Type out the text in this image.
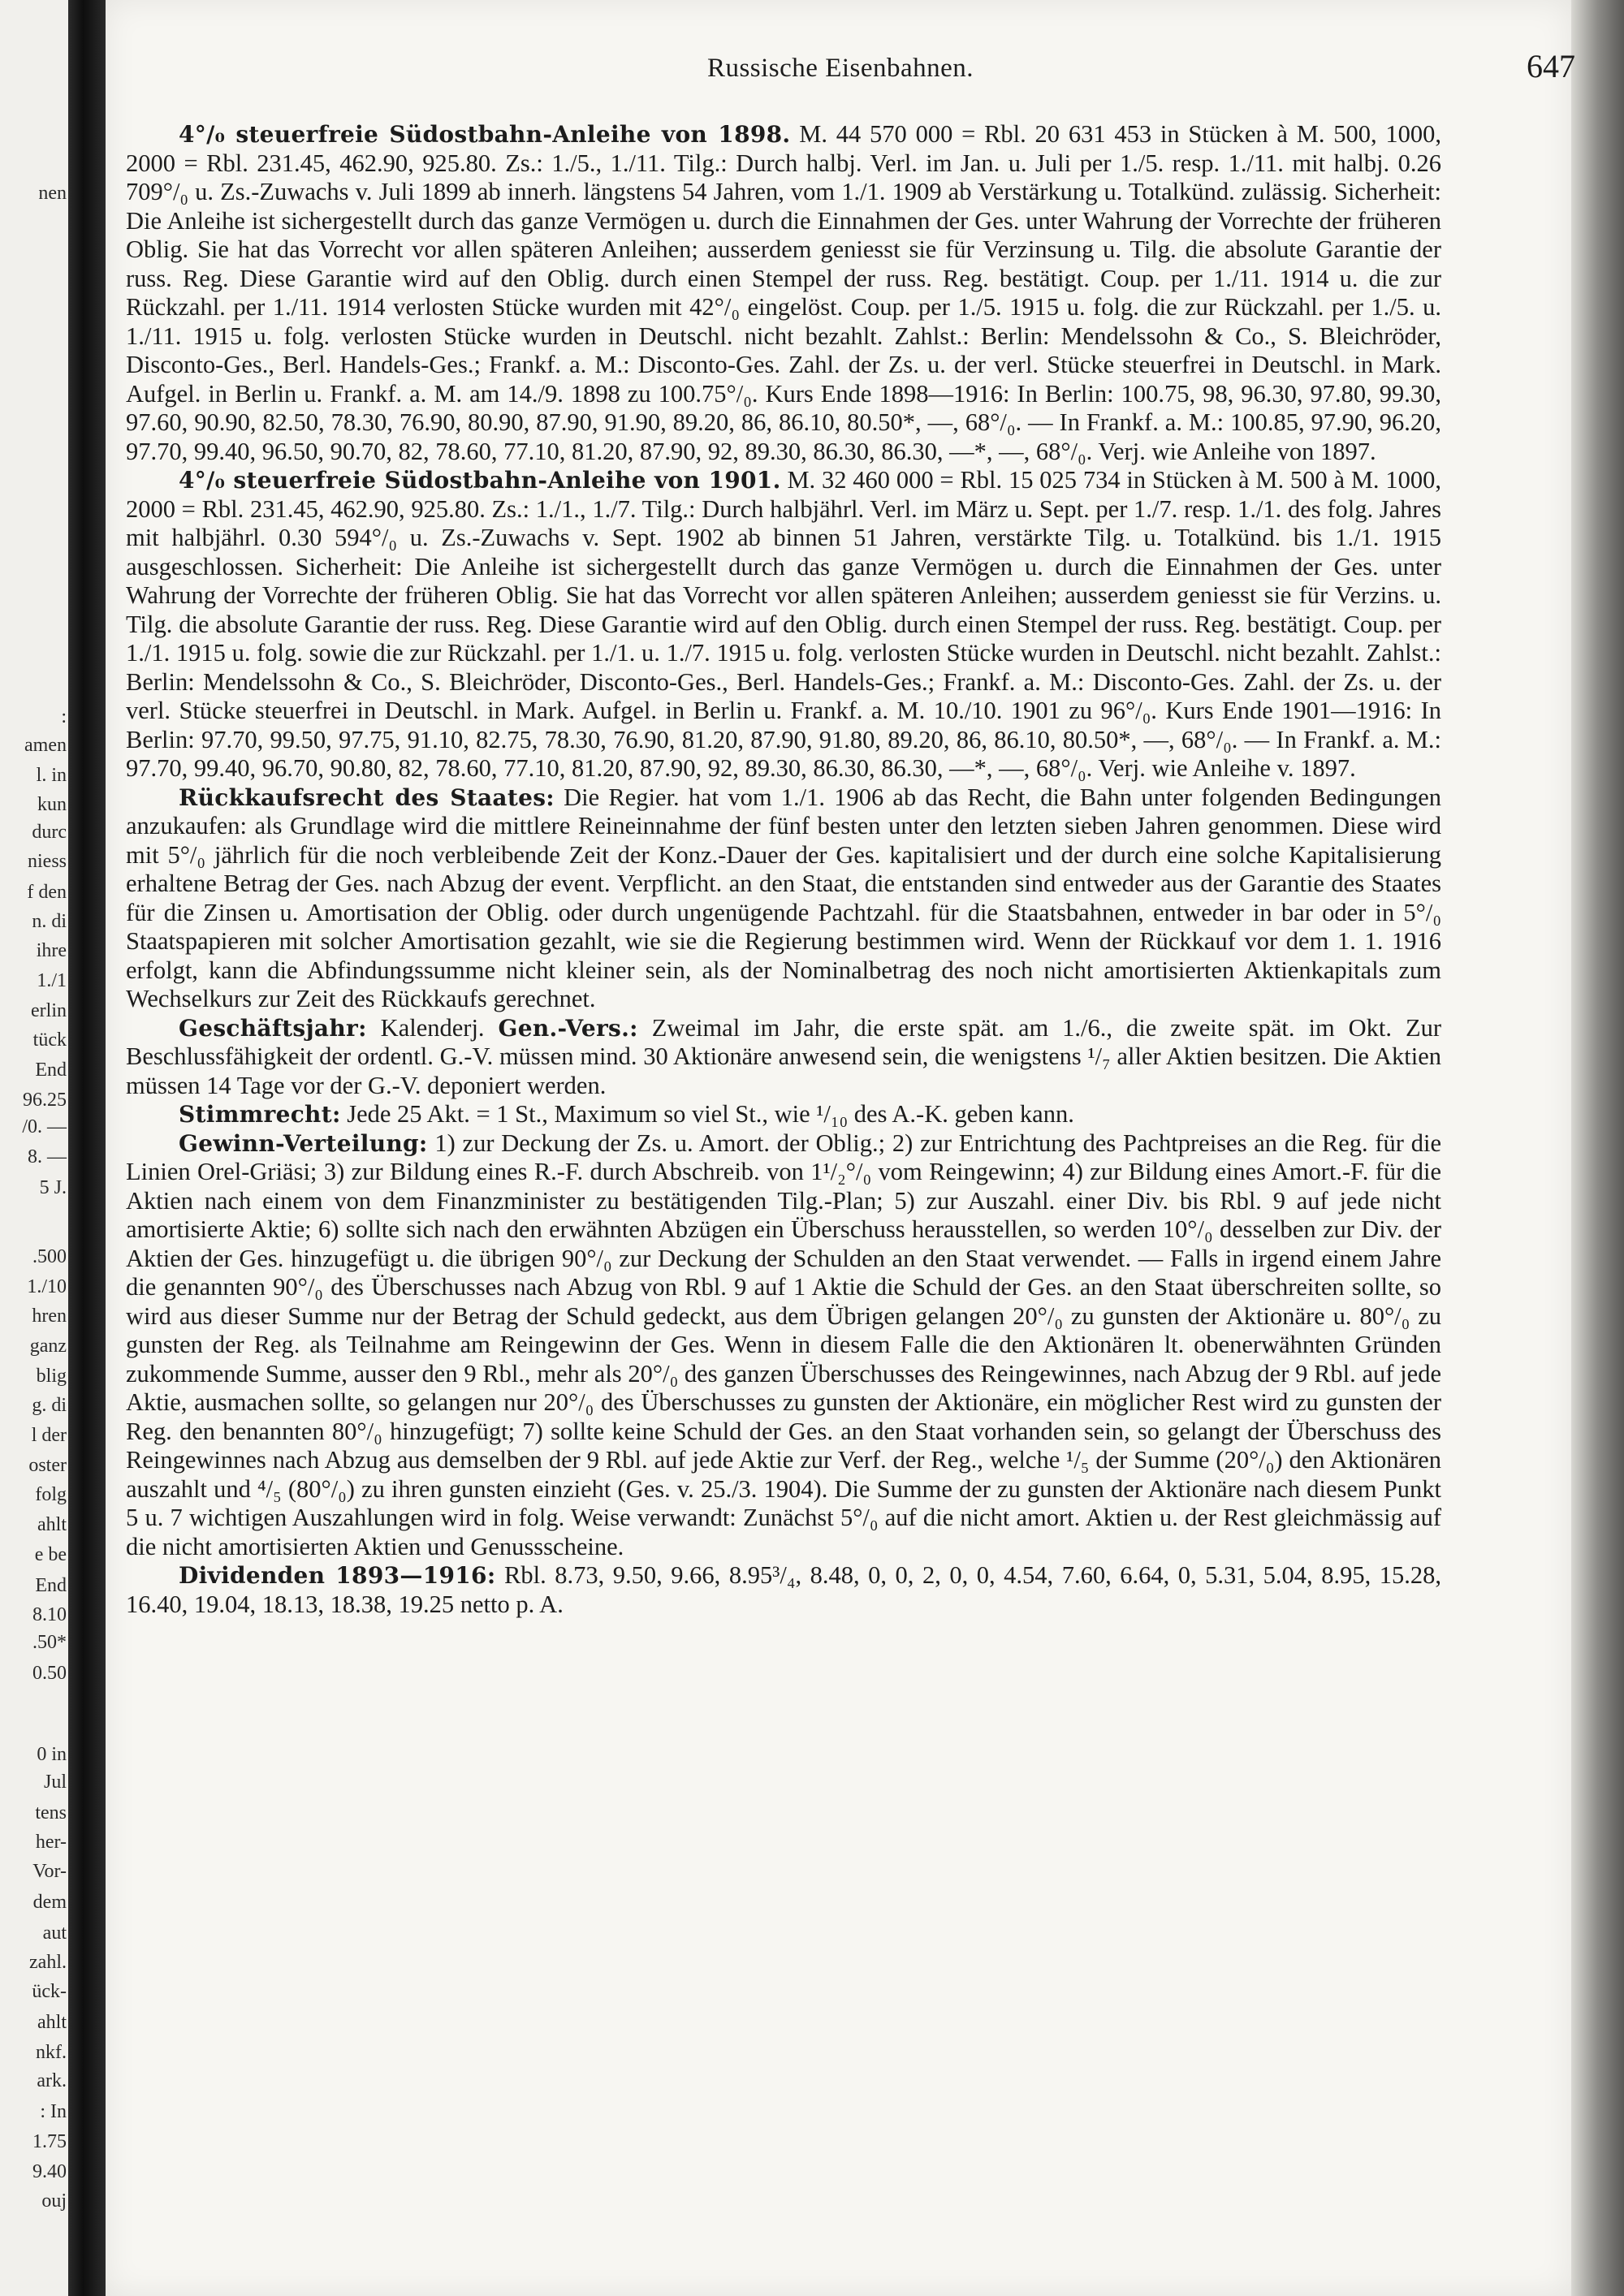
nen
:
amen
l. in
kun
durc
niess
f den
n. di
ihre
1./1
erlin
tück
End
96.25
/0. —
8. —
5 J.
.500
1./10
hren
ganz
blig
g. di
l der
oster
folg
ahlt
e be
End
8.10
.50*
0.50
0 in
Jul
tens
her-
Vor-
dem
aut
zahl.
ück-
ahlt
nkf.
ark.
: In
1.75
9.40
ouj
Russische Eisenbahnen.	647

4°/₀ steuerfreie Südostbahn-Anleihe von 1898. M. 44 570 000 = Rbl. 20 631 453 in Stücken à M. 500, 1000, 2000 = Rbl. 231.45, 462.90, 925.80. Zs.: 1./5., 1./11. Tilg.: Durch halbj. Verl. im Jan. u. Juli per 1./5. resp. 1./11. mit halbj. 0.26 709°/₀ u. Zs.-Zuwachs v. Juli 1899 ab innerh. längstens 54 Jahren, vom 1./1. 1909 ab Verstärkung u. Totalkünd. zulässig. Sicherheit: Die Anleihe ist sichergestellt durch das ganze Vermögen u. durch die Einnahmen der Ges. unter Wahrung der Vorrechte der früheren Oblig. Sie hat das Vorrecht vor allen späteren Anleihen; ausserdem geniesst sie für Verzinsung u. Tilg. die absolute Garantie der russ. Reg. Diese Garantie wird auf den Oblig. durch einen Stempel der russ. Reg. bestätigt. Coup. per 1./11. 1914 u. die zur Rückzahl. per 1./11. 1914 verlosten Stücke wurden mit 42°/₀ eingelöst. Coup. per 1./5. 1915 u. folg. die zur Rückzahl. per 1./5. u. 1./11. 1915 u. folg. verlosten Stücke wurden in Deutschl. nicht bezahlt. Zahlst.: Berlin: Mendelssohn & Co., S. Bleichröder, Disconto-Ges., Berl. Handels-Ges.; Frankf. a. M.: Disconto-Ges. Zahl. der Zs. u. der verl. Stücke steuerfrei in Deutschl. in Mark. Aufgel. in Berlin u. Frankf. a. M. am 14./9. 1898 zu 100.75°/₀. Kurs Ende 1898—1916: In Berlin: 100.75, 98, 96.30, 97.80, 99.30, 97.60, 90.90, 82.50, 78.30, 76.90, 80.90, 87.90, 91.90, 89.20, 86, 86.10, 80.50*, —, 68°/₀. — In Frankf. a. M.: 100.85, 97.90, 96.20, 97.70, 99.40, 96.50, 90.70, 82, 78.60, 77.10, 81.20, 87.90, 92, 89.30, 86.30, 86.30, —*, —, 68°/₀. Verj. wie Anleihe von 1897.

4°/₀ steuerfreie Südostbahn-Anleihe von 1901. M. 32 460 000 = Rbl. 15 025 734 in Stücken à M. 500 à M. 1000, 2000 = Rbl. 231.45, 462.90, 925.80. Zs.: 1./1., 1./7. Tilg.: Durch halbjährl. Verl. im März u. Sept. per 1./7. resp. 1./1. des folg. Jahres mit halbjährl. 0.30 594°/₀ u. Zs.-Zuwachs v. Sept. 1902 ab binnen 51 Jahren, verstärkte Tilg. u. Totalkünd. bis 1./1. 1915 ausgeschlossen. Sicherheit: Die Anleihe ist sichergestellt durch das ganze Vermögen u. durch die Einnahmen der Ges. unter Wahrung der Vorrechte der früheren Oblig. Sie hat das Vorrecht vor allen späteren Anleihen; ausserdem geniesst sie für Verzins. u. Tilg. die absolute Garantie der russ. Reg. Diese Garantie wird auf den Oblig. durch einen Stempel der russ. Reg. bestätigt. Coup. per 1./1. 1915 u. folg. sowie die zur Rückzahl. per 1./1. u. 1./7. 1915 u. folg. verlosten Stücke wurden in Deutschl. nicht bezahlt. Zahlst.: Berlin: Mendelssohn & Co., S. Bleichröder, Disconto-Ges., Berl. Handels-Ges.; Frankf. a. M.: Disconto-Ges. Zahl. der Zs. u. der verl. Stücke steuerfrei in Deutschl. in Mark. Aufgel. in Berlin u. Frankf. a. M. 10./10. 1901 zu 96°/₀. Kurs Ende 1901—1916: In Berlin: 97.70, 99.50, 97.75, 91.10, 82.75, 78.30, 76.90, 81.20, 87.90, 91.80, 89.20, 86, 86.10, 80.50*, —, 68°/₀. — In Frankf. a. M.: 97.70, 99.40, 96.70, 90.80, 82, 78.60, 77.10, 81.20, 87.90, 92, 89.30, 86.30, 86.30, —*, —, 68°/₀. Verj. wie Anleihe v. 1897.

Rückkaufsrecht des Staates: Die Regier. hat vom 1./1. 1906 ab das Recht, die Bahn unter folgenden Bedingungen anzukaufen: als Grundlage wird die mittlere Reineinnahme der fünf besten unter den letzten sieben Jahren genommen. Diese wird mit 5°/₀ jährlich für die noch verbleibende Zeit der Konz.-Dauer der Ges. kapitalisiert und der durch eine solche Kapitalisierung erhaltene Betrag der Ges. nach Abzug der event. Verpflicht. an den Staat, die entstanden sind entweder aus der Garantie des Staates für die Zinsen u. Amortisation der Oblig. oder durch ungenügende Pachtzahl. für die Staatsbahnen, entweder in bar oder in 5°/₀ Staatspapieren mit solcher Amortisation gezahlt, wie sie die Regierung bestimmen wird. Wenn der Rückkauf vor dem 1. 1. 1916 erfolgt, kann die Abfindungssumme nicht kleiner sein, als der Nominalbetrag des noch nicht amortisierten Aktienkapitals zum Wechselkurs zur Zeit des Rückkaufs gerechnet.

Geschäftsjahr: Kalenderj. Gen.-Vers.: Zweimal im Jahr, die erste spät. am 1./6., die zweite spät. im Okt. Zur Beschlussfähigkeit der ordentl. G.-V. müssen mind. 30 Aktionäre anwesend sein, die wenigstens ¹/₇ aller Aktien besitzen. Die Aktien müssen 14 Tage vor der G.-V. deponiert werden.

Stimmrecht: Jede 25 Akt. = 1 St., Maximum so viel St., wie ¹/₁₀ des A.-K. geben kann.

Gewinn-Verteilung: 1) zur Deckung der Zs. u. Amort. der Oblig.; 2) zur Entrichtung des Pachtpreises an die Reg. für die Linien Orel-Griäsi; 3) zur Bildung eines R.-F. durch Abschreib. von 1¹/₂°/₀ vom Reingewinn; 4) zur Bildung eines Amort.-F. für die Aktien nach einem von dem Finanzminister zu bestätigenden Tilg.-Plan; 5) zur Auszahl. einer Div. bis Rbl. 9 auf jede nicht amortisierte Aktie; 6) sollte sich nach den erwähnten Abzügen ein Überschuss herausstellen, so werden 10°/₀ desselben zur Div. der Aktien der Ges. hinzugefügt u. die übrigen 90°/₀ zur Deckung der Schulden an den Staat verwendet. — Falls in irgend einem Jahre die genannten 90°/₀ des Überschusses nach Abzug von Rbl. 9 auf 1 Aktie die Schuld der Ges. an den Staat überschreiten sollte, so wird aus dieser Summe nur der Betrag der Schuld gedeckt, aus dem Übrigen gelangen 20°/₀ zu gunsten der Aktionäre u. 80°/₀ zu gunsten der Reg. als Teilnahme am Reingewinn der Ges. Wenn in diesem Falle die den Aktionären lt. obenerwähnten Gründen zukommende Summe, ausser den 9 Rbl., mehr als 20°/₀ des ganzen Überschusses des Reingewinnes, nach Abzug der 9 Rbl. auf jede Aktie, ausmachen sollte, so gelangen nur 20°/₀ des Überschusses zu gunsten der Aktionäre, ein möglicher Rest wird zu gunsten der Reg. den benannten 80°/₀ hinzugefügt; 7) sollte keine Schuld der Ges. an den Staat vorhanden sein, so gelangt der Überschuss des Reingewinnes nach Abzug aus demselben der 9 Rbl. auf jede Aktie zur Verf. der Reg., welche ¹/₅ der Summe (20°/₀) den Aktionären auszahlt und ⁴/₅ (80°/₀) zu ihren gunsten einzieht (Ges. v. 25./3. 1904). Die Summe der zu gunsten der Aktionäre nach diesem Punkt 5 u. 7 wichtigen Auszahlungen wird in folg. Weise verwandt: Zunächst 5°/₀ auf die nicht amort. Aktien u. der Rest gleichmässig auf die nicht amortisierten Aktien und Genussscheine.

Dividenden 1893—1916: Rbl. 8.73, 9.50, 9.66, 8.95³/₄, 8.48, 0, 0, 2, 0, 0, 4.54, 7.60, 6.64, 0, 5.31, 5.04, 8.95, 15.28, 16.40, 19.04, 18.13, 18.38, 19.25 netto p. A.
